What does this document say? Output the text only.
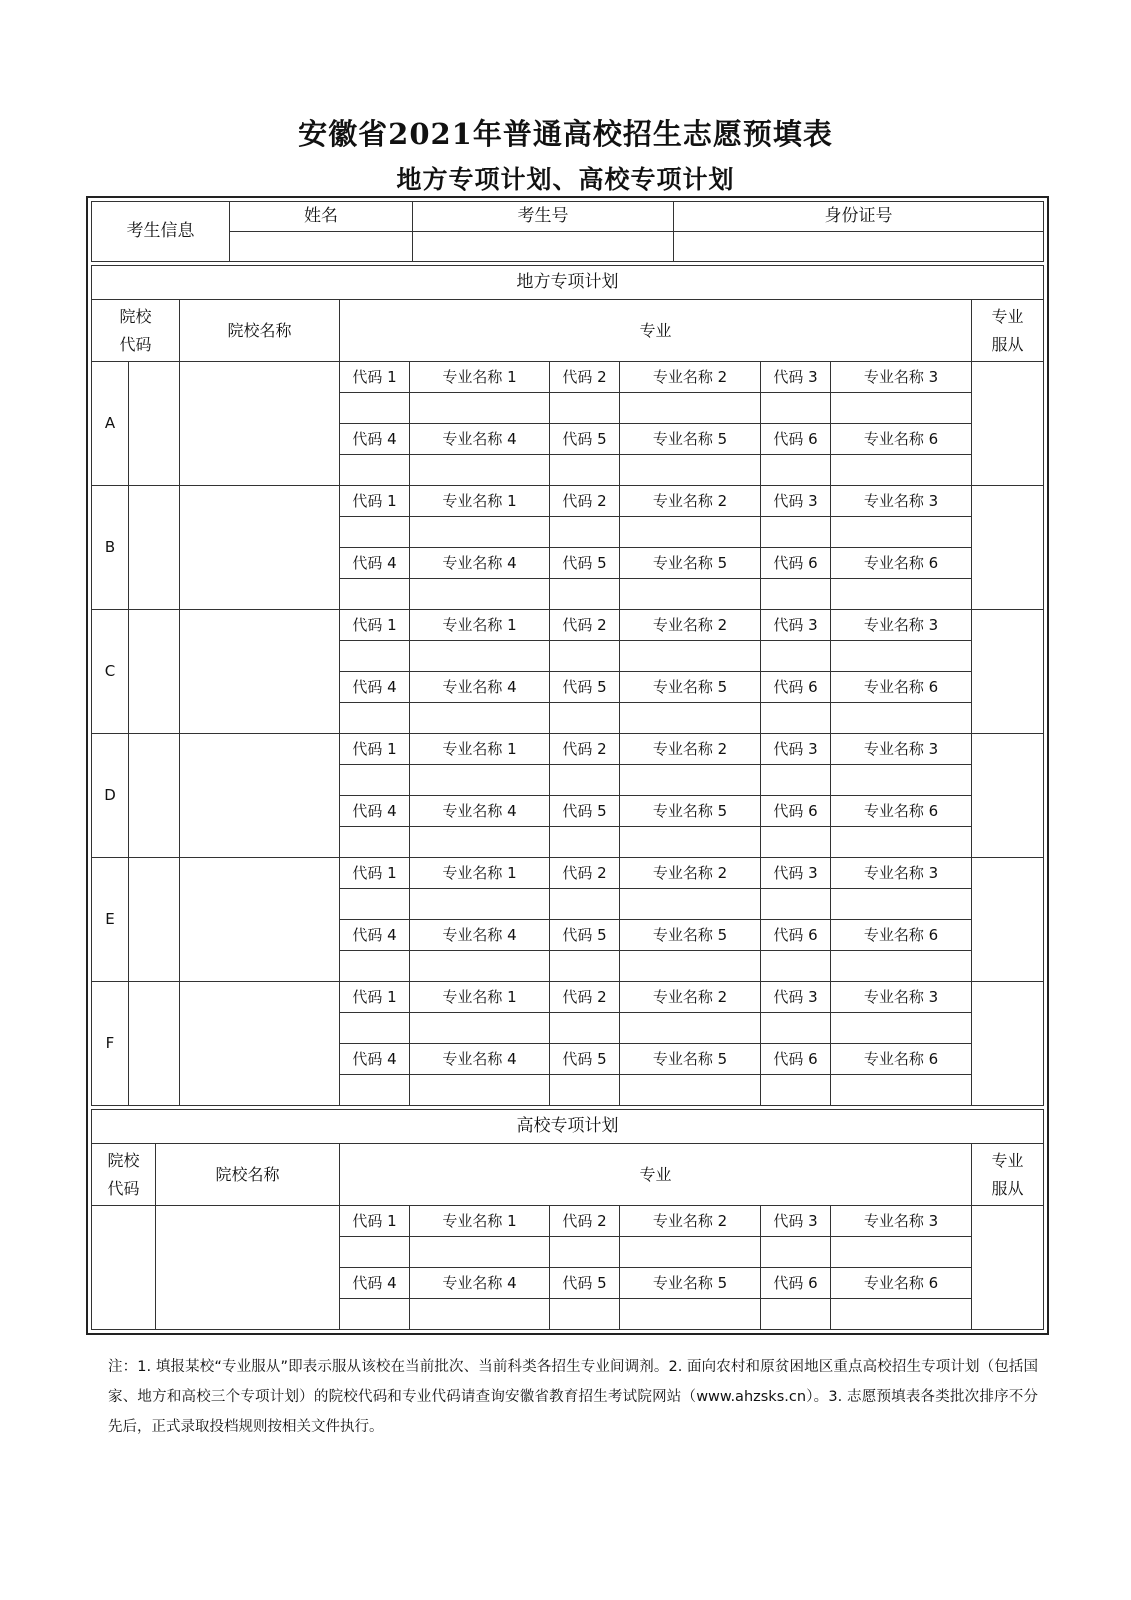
安徽省2021年普通高校招生志愿预填表
地方专项计划、高校专项计划
考生信息	姓名	考生号	身份证号

地方专项计划									
院校
代码		院校名称	专业						专业
服从
A			代码 1	专业名称 1	代码 2	专业名称 2	代码 3	专业名称 3	

			代码 4	专业名称 4	代码 5	专业名称 5	代码 6	专业名称 6	

B			代码 1	专业名称 1	代码 2	专业名称 2	代码 3	专业名称 3	

			代码 4	专业名称 4	代码 5	专业名称 5	代码 6	专业名称 6	

C			代码 1	专业名称 1	代码 2	专业名称 2	代码 3	专业名称 3	

			代码 4	专业名称 4	代码 5	专业名称 5	代码 6	专业名称 6	

D			代码 1	专业名称 1	代码 2	专业名称 2	代码 3	专业名称 3	

			代码 4	专业名称 4	代码 5	专业名称 5	代码 6	专业名称 6	

E			代码 1	专业名称 1	代码 2	专业名称 2	代码 3	专业名称 3	

			代码 4	专业名称 4	代码 5	专业名称 5	代码 6	专业名称 6	

F			代码 1	专业名称 1	代码 2	专业名称 2	代码 3	专业名称 3	

			代码 4	专业名称 4	代码 5	专业名称 5	代码 6	专业名称 6	

高校专项计划								
院校
代码	院校名称	专业						专业
服从
		代码 1	专业名称 1	代码 2	专业名称 2	代码 3	专业名称 3	

		代码 4	专业名称 4	代码 5	专业名称 5	代码 6	专业名称 6	

注：1. 填报某校“专业服从”即表示服从该校在当前批次、当前科类各招生专业间调剂。2. 面向农村和原贫困地区重点高校招生专项计划（包括国家、地方和高校三个专项计划）的院校代码和专业代码请查询安徽省教育招生考试院网站（www.ahzsks.cn）。3. 志愿预填表各类批次排序不分先后，正式录取投档规则按相关文件执行。
